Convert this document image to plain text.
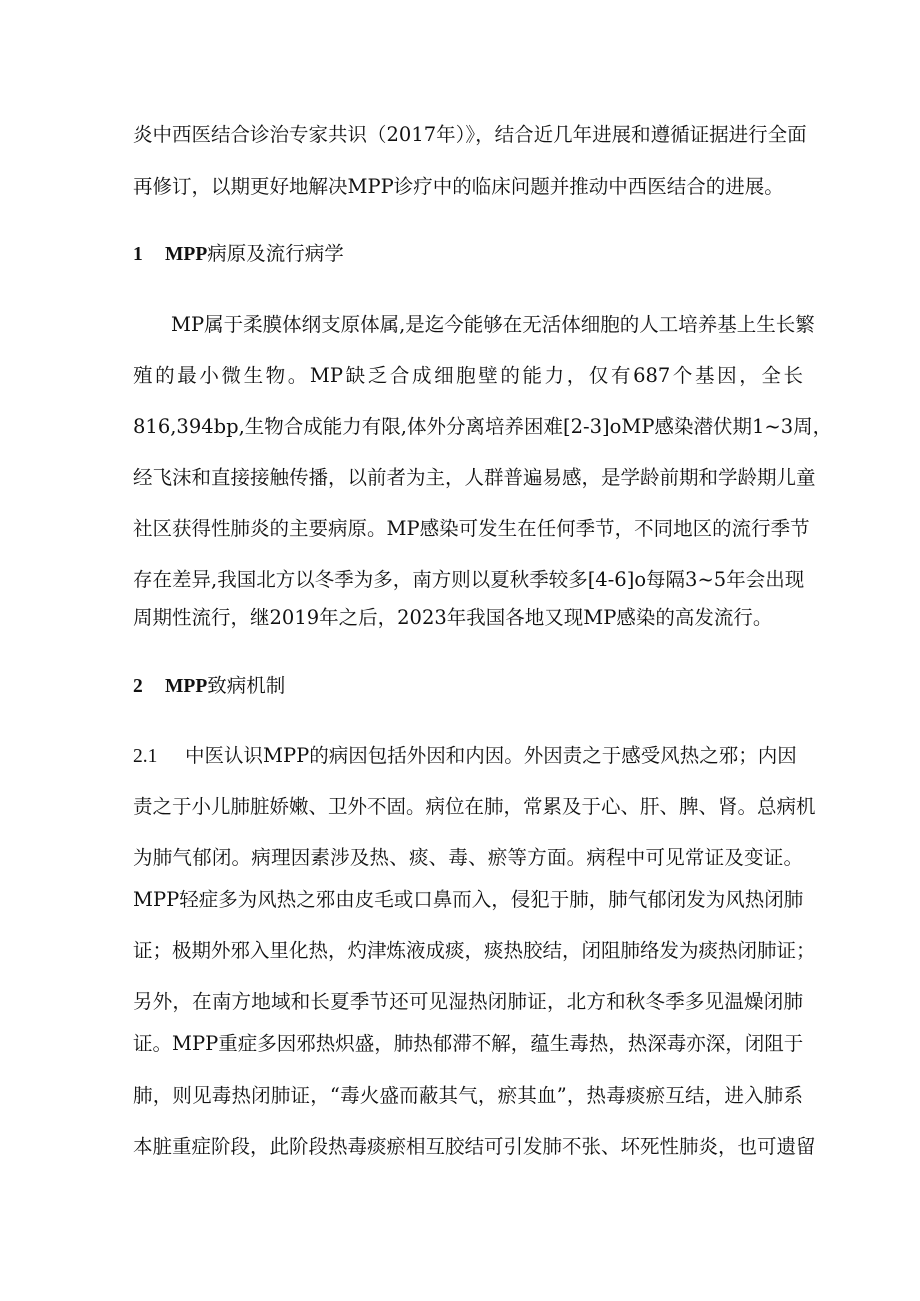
炎中西医结合诊治专家共识（2017年）》，结合近几年进展和遵循证据进行全面
再修订，以期更好地解决MPP诊疗中的临床问题并推动中西医结合的进展。
1 MPP病原及流行病学
MP属于柔膜体纲支原体属,是迄今能够在无活体细胞的人工培养基上生长繁
殖的最小微生物。MP缺乏合成细胞壁的能力，仅有687个基因，全长
816,394bp,生物合成能力有限,体外分离培养困难[2-3]oMP感染潜伏期1~3周，
经飞沫和直接接触传播，以前者为主，人群普遍易感，是学龄前期和学龄期儿童
社区获得性肺炎的主要病原。MP感染可发生在任何季节，不同地区的流行季节
存在差异,我国北方以冬季为多，南方则以夏秋季较多[4-6]o每隔3~5年会出现
周期性流行，继2019年之后，2023年我国各地又现MP感染的高发流行。
2 MPP致病机制
2.1 中医认识MPP的病因包括外因和内因。外因责之于感受风热之邪；内因
责之于小儿肺脏娇嫩、卫外不固。病位在肺，常累及于心、肝、脾、肾。总病机
为肺气郁闭。病理因素涉及热、痰、毒、瘀等方面。病程中可见常证及变证。
MPP轻症多为风热之邪由皮毛或口鼻而入，侵犯于肺，肺气郁闭发为风热闭肺
证；极期外邪入里化热，灼津炼液成痰，痰热胶结，闭阻肺络发为痰热闭肺证；
另外，在南方地域和长夏季节还可见湿热闭肺证，北方和秋冬季多见温燥闭肺
证。MPP重症多因邪热炽盛，肺热郁滞不解，蕴生毒热，热深毒亦深，闭阻于
肺，则见毒热闭肺证，“毒火盛而蔽其气，瘀其血”，热毒痰瘀互结，进入肺系
本脏重症阶段，此阶段热毒痰瘀相互胶结可引发肺不张、坏死性肺炎，也可遗留
